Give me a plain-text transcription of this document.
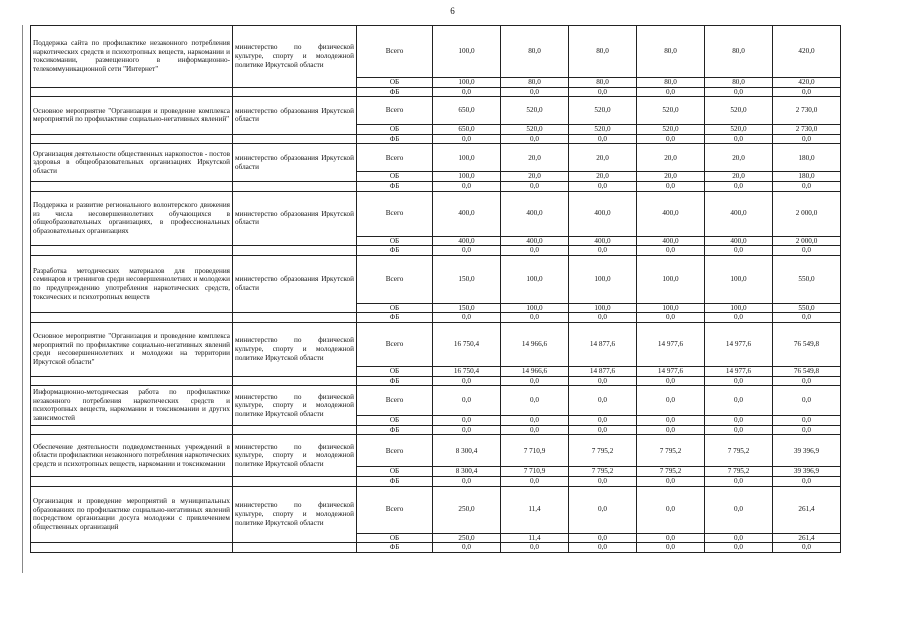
6
Поддержка сайта по профилактике незаконного потребления наркотических средств и психотропных веществ, наркомании и токсикомании, размещенного в информационно-телекоммуникационной сети "Интернет"	министерство по физической культуре, спорту и молодежной политике Иркутской области	Всего	100,0	80,0	80,0	80,0	80,0	420,0
		ОБ	100,0	80,0	80,0	80,0	80,0	420,0
		ФБ	0,0	0,0	0,0	0,0	0,0	0,0
Основное мероприятие "Организация и проведение комплекса мероприятий по профилактике социально-негативных явлений"	министерство образования Иркутской области	Всего	650,0	520,0	520,0	520,0	520,0	2 730,0
		ОБ	650,0	520,0	520,0	520,0	520,0	2 730,0
		ФБ	0,0	0,0	0,0	0,0	0,0	0,0
Организация деятельности общественных наркопостов - постов здоровья в общеобразовательных организациях Иркутской области	министерство образования Иркутской области	Всего	100,0	20,0	20,0	20,0	20,0	180,0
		ОБ	100,0	20,0	20,0	20,0	20,0	180,0
		ФБ	0,0	0,0	0,0	0,0	0,0	0,0
Поддержка и развитие регионального волонтерского движения из числа несовершеннолетних обучающихся в общеобразовательных организациях, в профессиональных образовательных организациях	министерство образования Иркутской области	Всего	400,0	400,0	400,0	400,0	400,0	2 000,0
		ОБ	400,0	400,0	400,0	400,0	400,0	2 000,0
		ФБ	0,0	0,0	0,0	0,0	0,0	0,0
Разработка методических материалов для проведения семинаров и тренингов среди несовершеннолетних и молодежи по предупреждению употребления наркотических средств, токсических и психотропных веществ	министерство образования Иркутской области	Всего	150,0	100,0	100,0	100,0	100,0	550,0
		ОБ	150,0	100,0	100,0	100,0	100,0	550,0
		ФБ	0,0	0,0	0,0	0,0	0,0	0,0
Основное мероприятие "Организация и проведение комплекса мероприятий по профилактике социально-негативных явлений среди несовершеннолетних и молодежи на территории Иркутской области"	министерство по физической культуре, спорту и молодежной политике Иркутской области	Всего	16 750,4	14 966,6	14 877,6	14 977,6	14 977,6	76 549,8
		ОБ	16 750,4	14 966,6	14 877,6	14 977,6	14 977,6	76 549,8
		ФБ	0,0	0,0	0,0	0,0	0,0	0,0
Информационно-методическая работа по профилактике незаконного потребления наркотических средств и психотропных веществ, наркомании и токсикомании и других зависимостей	министерство по физической культуре, спорту и молодежной политике Иркутской области	Всего	0,0	0,0	0,0	0,0	0,0	0,0
		ОБ	0,0	0,0	0,0	0,0	0,0	0,0
		ФБ	0,0	0,0	0,0	0,0	0,0	0,0
Обеспечение деятельности подведомственных учреждений в области профилактики незаконного потребления наркотических средств и психотропных веществ, наркомании и токсикомании	министерство по физической культуре, спорту и молодежной политике Иркутской области	Всего	8 300,4	7 710,9	7 795,2	7 795,2	7 795,2	39 396,9
		ОБ	8 300,4	7 710,9	7 795,2	7 795,2	7 795,2	39 396,9
		ФБ	0,0	0,0	0,0	0,0	0,0	0,0
Организация и проведение мероприятий в муниципальных образованиях по профилактике социально-негативных явлений посредством организации досуга молодежи с привлечением общественных организаций	министерство по физической культуре, спорту и молодежной политике Иркутской области	Всего	250,0	11,4	0,0	0,0	0,0	261,4
		ОБ	250,0	11,4	0,0	0,0	0,0	261,4
		ФБ	0,0	0,0	0,0	0,0	0,0	0,0
